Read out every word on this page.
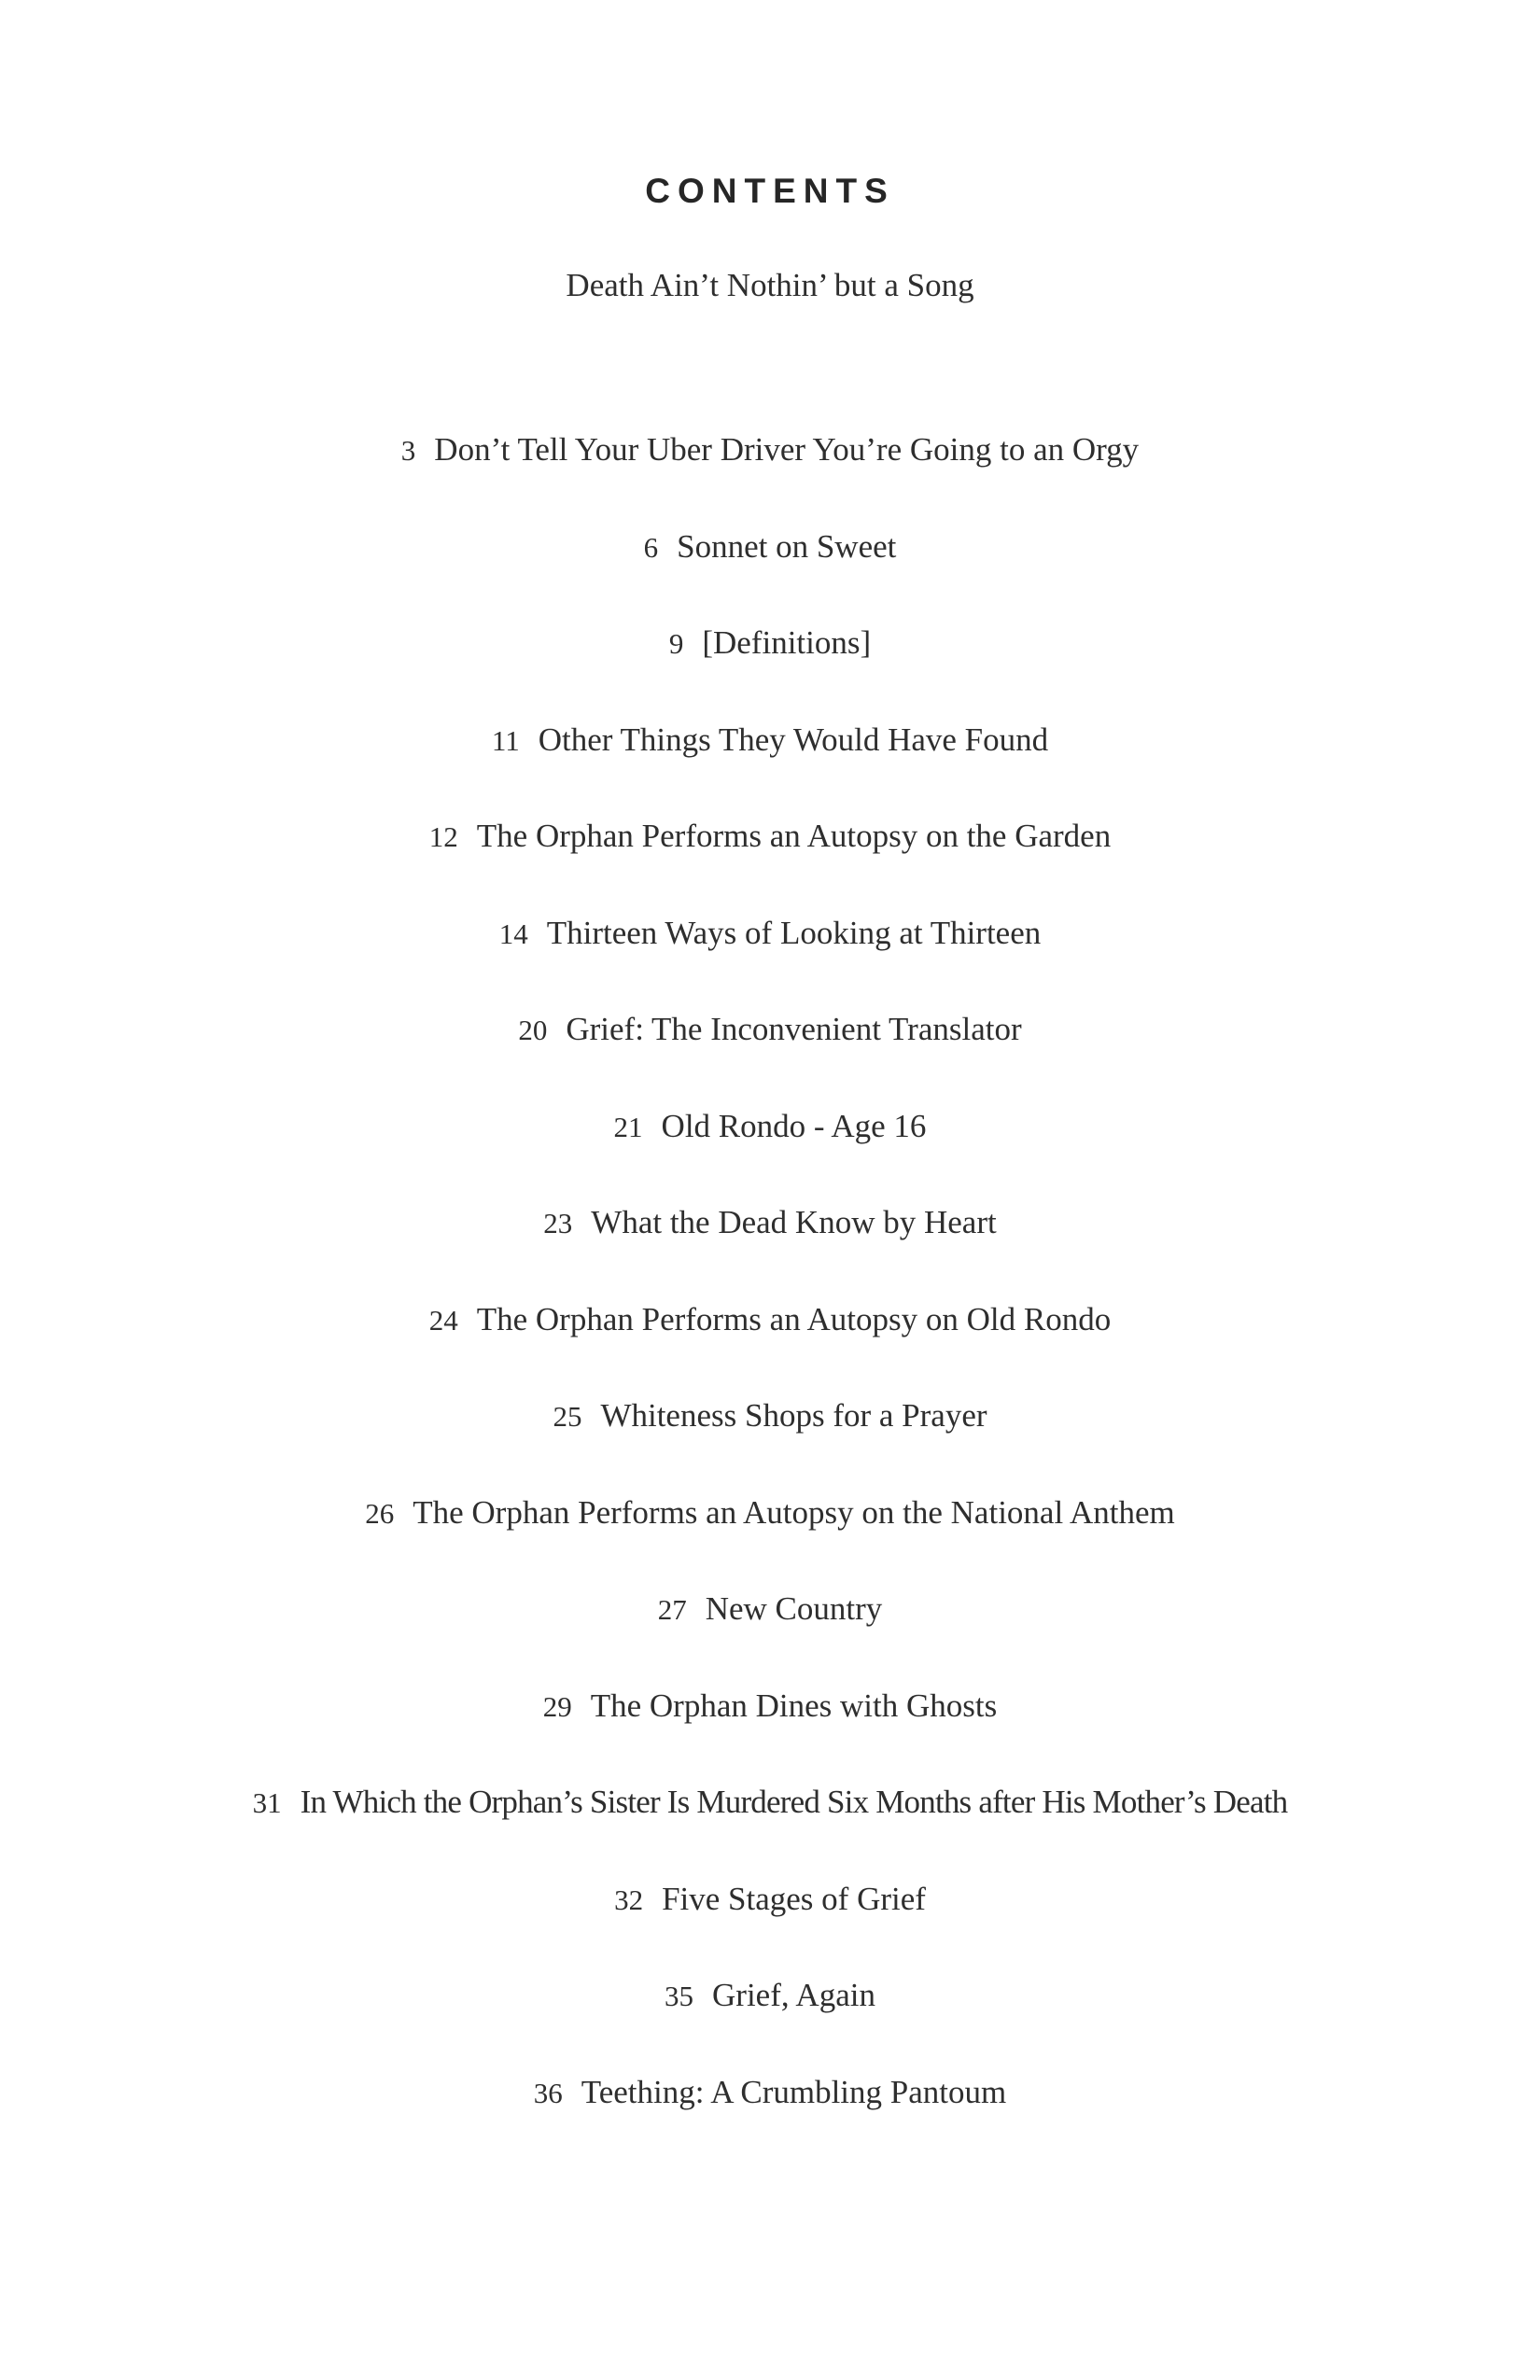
CONTENTS
Death Ain’t Nothin’ but a Song
3 Don’t Tell Your Uber Driver You’re Going to an Orgy
6 Sonnet on Sweet
9 [Definitions]
11 Other Things They Would Have Found
12 The Orphan Performs an Autopsy on the Garden
14 Thirteen Ways of Looking at Thirteen
20 Grief: The Inconvenient Translator
21 Old Rondo - Age 16
23 What the Dead Know by Heart
24 The Orphan Performs an Autopsy on Old Rondo
25 Whiteness Shops for a Prayer
26 The Orphan Performs an Autopsy on the National Anthem
27 New Country
29 The Orphan Dines with Ghosts
31 In Which the Orphan’s Sister Is Murdered Six Months after His Mother’s Death
32 Five Stages of Grief
35 Grief, Again
36 Teething: A Crumbling Pantoum
